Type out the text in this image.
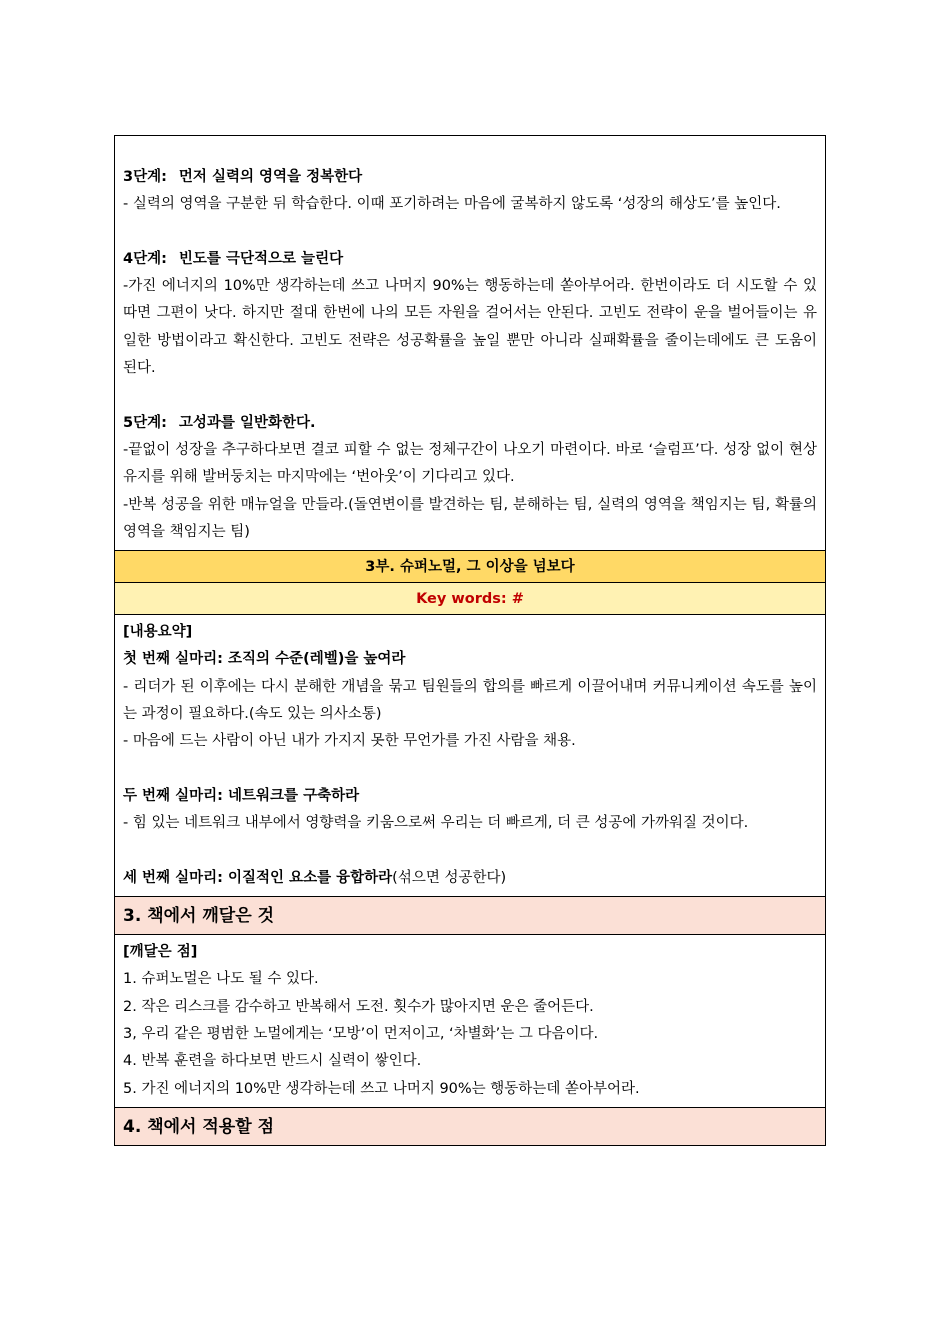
3단계: 먼저 실력의 영역을 정복한다

- 실력의 영역을 구분한 뒤 학습한다. 이때 포기하려는 마음에 굴복하지 않도록 ‘성장의 해상도’를 높인다.

4단계: 빈도를 극단적으로 늘린다

-가진 에너지의 10%만 생각하는데 쓰고 나머지 90%는 행동하는데 쏟아부어라. 한번이라도 더 시도할 수 있따면 그편이 낫다. 하지만 절대 한번에 나의 모든 자원을 걸어서는 안된다. 고빈도 전략이 운을 벌어들이는 유일한 방법이라고 확신한다. 고빈도 전략은 성공확률을 높일 뿐만 아니라 실패확률을 줄이는데에도 큰 도움이 된다.

5단계: 고성과를 일반화한다.

-끝없이 성장을 추구하다보면 결코 피할 수 없는 정체구간이 나오기 마련이다. 바로 ‘슬럼프’다. 성장 없이 현상유지를 위해 발버둥치는 마지막에는 ‘번아웃’이 기다리고 있다.

-반복 성공을 위한 매뉴얼을 만들라.(돌연변이를 발견하는 팀, 분해하는 팀, 실력의 영역을 책임지는 팀, 확률의 영역을 책임지는 팀)

3부. 슈퍼노멀, 그 이상을 넘보다
Key words: #
[내용요약]
첫 번째 실마리: 조직의 수준(레벨)을 높여라

- 리더가 된 이후에는 다시 분해한 개념을 묶고 팀원들의 합의를 빠르게 이끌어내며 커뮤니케이션 속도를 높이는 과정이 필요하다.(속도 있는 의사소통)

- 마음에 드는 사람이 아닌 내가 가지지 못한 무언가를 가진 사람을 채용.

두 번째 실마리: 네트워크를 구축하라

- 힘 있는 네트워크 내부에서 영향력을 키움으로써 우리는 더 빠르게, 더 큰 성공에 가까워질 것이다.

세 번째 실마리: 이질적인 요소를 융합하라(섞으면 성공한다)
3. 책에서 깨달은 것
[깨달은 점]

1. 슈퍼노멀은 나도 될 수 있다.

2. 작은 리스크를 감수하고 반복해서 도전. 횟수가 많아지면 운은 줄어든다.

3, 우리 같은 평범한 노멀에게는 ‘모방’이 먼저이고, ‘차별화’는 그 다음이다.

4. 반복 훈련을 하다보면 반드시 실력이 쌓인다.

5. 가진 에너지의 10%만 생각하는데 쓰고 나머지 90%는 행동하는데 쏟아부어라.

4. 책에서 적용할 점
